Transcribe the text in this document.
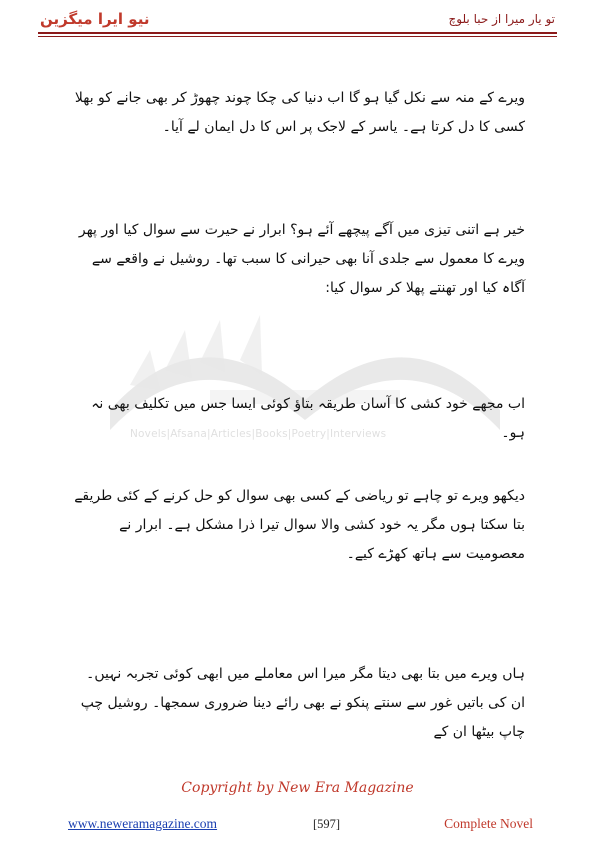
نیو ایرا میگزین	تو یار میرا از حبا بلوچ
Novels|Afsana|Articles|Books|Poetry|Interviews

ویرے کے منہ سے نکل گیا ہو گا اب دنیا کی چکا چوند چھوڑ کر بھی جانے کو بھلا کسی کا دل کرتا ہے۔ یاسر کے لاجک پر اس کا دل ایمان لے آیا۔

خیر ہے اتنی تیزی میں آگے پیچھے آئے ہو؟ ابرار نے حیرت سے سوال کیا اور پھر ویرے کا معمول سے جلدی آنا بھی حیرانی کا سبب تھا۔ روشیل نے واقعے سے آگاہ کیا اور تھنتے پھلا کر سوال کیا:

اب مجھے خود کشی کا آسان طریقہ بتاؤ کوئی ایسا جس میں تکلیف بھی نہ ہو۔

دیکھو ویرے تو چاہے تو ریاضی کے کسی بھی سوال کو حل کرنے کے کئی طریقے بتا سکتا ہوں مگر یہ خود کشی والا سوال تیرا ذرا مشکل ہے۔ ابرار نے معصومیت سے ہاتھ کھڑے کیے۔

ہاں ویرے میں بتا بھی دیتا مگر میرا اس معاملے میں ابھی کوئی تجربہ نہیں۔ ان کی باتیں غور سے سنتے پنکو نے بھی رائے دینا ضروری سمجھا۔ روشیل چپ چاپ بیٹھا ان کے

Copyright by New Era Magazine
www.neweramagazine.com	[597]	Complete Novel
